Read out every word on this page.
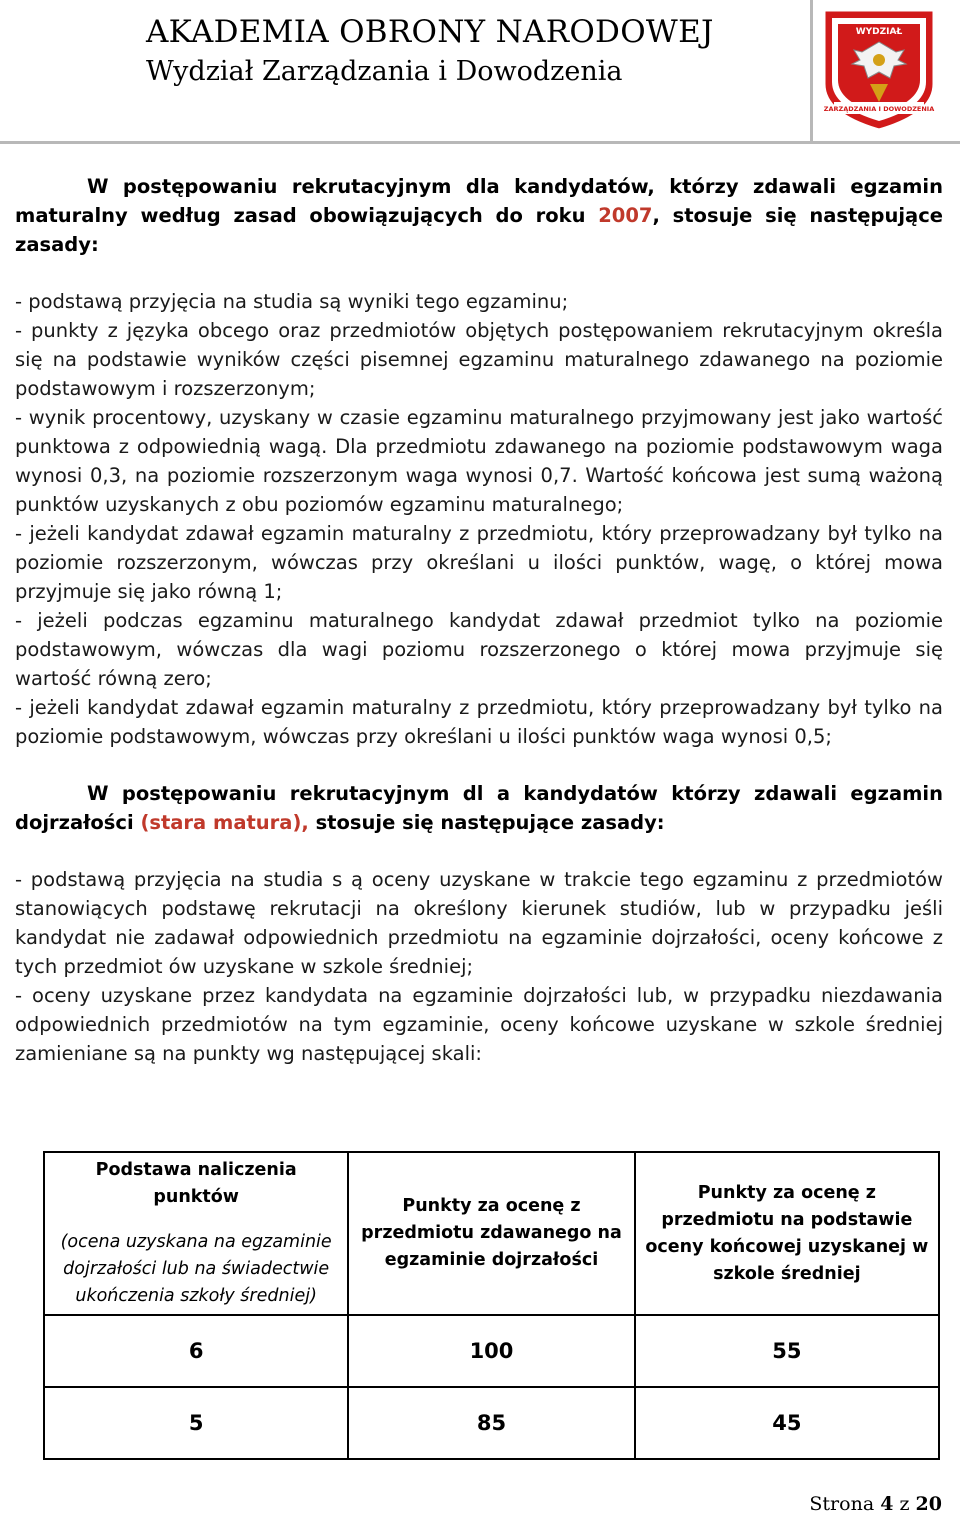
AKADEMIA OBRONY NARODOWEJ
Wydział Zarządzania i Dowodzenia
WYDZIAŁ
ZARZĄDZANIA I DOWODZENIA

W postępowaniu rekrutacyjnym dla kandydatów, którzy zdawali egzamin maturalny według zasad obowiązujących do roku 2007, stosuje się następujące zasady:

- podstawą przyjęcia na studia są wyniki tego egzaminu;

- punkty z języka obcego oraz przedmiotów objętych postępowaniem rekrutacyjnym określa się na podstawie wyników części pisemnej egzaminu maturalnego zdawanego na poziomie podstawowym i rozszerzonym;

- wynik procentowy, uzyskany w czasie egzaminu maturalnego przyjmowany jest jako wartość punktowa z odpowiednią wagą. Dla przedmiotu zdawanego na poziomie podstawowym waga wynosi 0,3, na poziomie rozszerzonym waga wynosi 0,7. Wartość końcowa jest sumą ważoną punktów uzyskanych z obu poziomów egzaminu maturalnego;

- jeżeli kandydat zdawał egzamin maturalny z przedmiotu, który przeprowadzany był tylko na poziomie rozszerzonym, wówczas przy określani u ilości punktów, wagę, o której mowa przyjmuje się jako równą 1;

- jeżeli podczas egzaminu maturalnego kandydat zdawał przedmiot tylko na poziomie podstawowym, wówczas dla wagi poziomu rozszerzonego o której mowa przyjmuje się wartość równą zero;

- jeżeli kandydat zdawał egzamin maturalny z przedmiotu, który przeprowadzany był tylko na poziomie podstawowym, wówczas przy określani u ilości punktów waga wynosi 0,5;

W postępowaniu rekrutacyjnym dl a kandydatów którzy zdawali egzamin dojrzałości (stara matura), stosuje się następujące zasady:

- podstawą przyjęcia na studia s ą oceny uzyskane w trakcie tego egzaminu z przedmiotów stanowiących podstawę rekrutacji na określony kierunek studiów, lub w przypadku jeśli kandydat nie zadawał odpowiednich przedmiotu na egzaminie dojrzałości, oceny końcowe z tych przedmiot ów uzyskane w szkole średniej;

- oceny uzyskane przez kandydata na egzaminie dojrzałości lub, w przypadku niezdawania odpowiednich przedmiotów na tym egzaminie, oceny końcowe uzyskane w szkole średniej zamieniane są na punkty wg następującej skali:

Podstawa naliczenia punktów
(ocena uzyskana na egzaminie dojrzałości lub na świadectwie ukończenia szkoły średniej)	Punkty za ocenę z przedmiotu zdawanego na egzaminie dojrzałości	Punkty za ocenę z przedmiotu na podstawie oceny końcowej uzyskanej w szkole średniej
6	100	55
5	85	45
Strona 4 z 20
